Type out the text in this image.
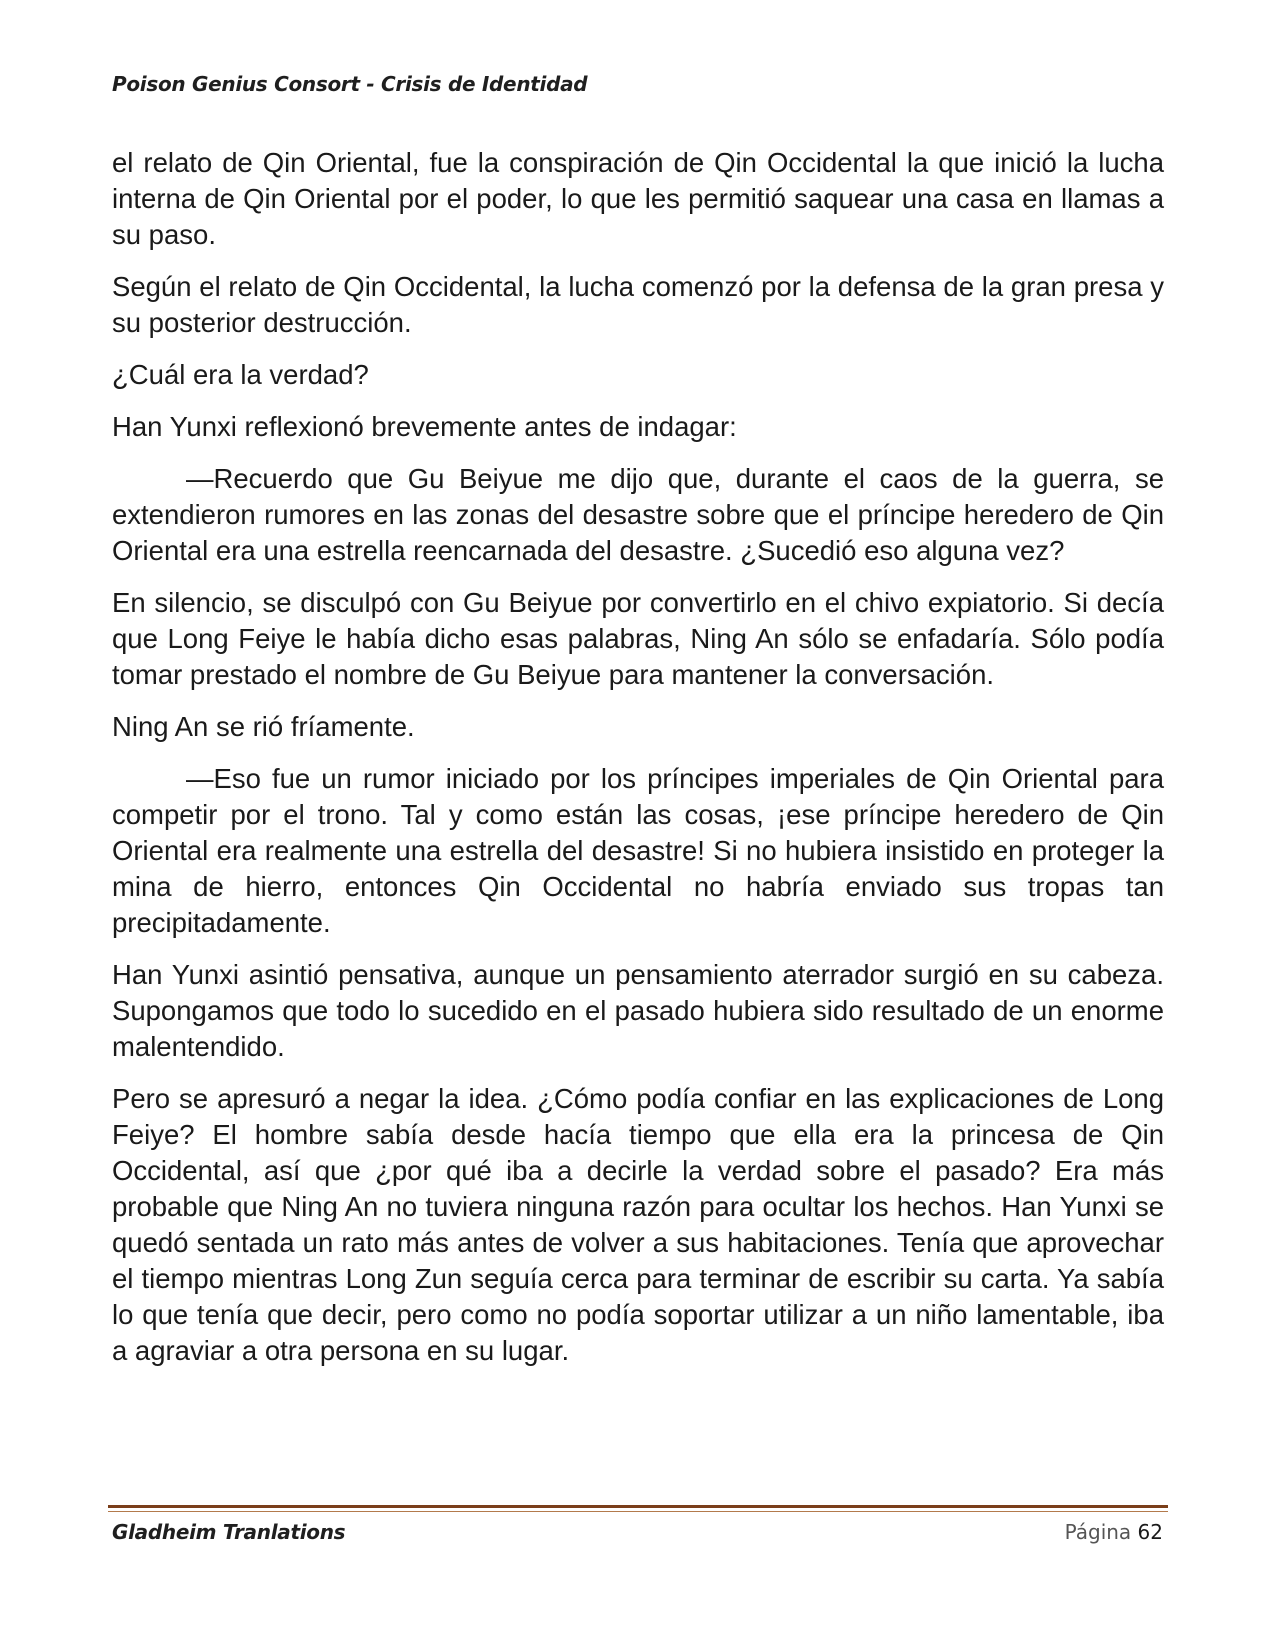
Poison Genius Consort - Crisis de Identidad

el relato de Qin Oriental, fue la conspiración de Qin Occidental la que inició la lucha interna de Qin Oriental por el poder, lo que les permitió saquear una casa en llamas a su paso.

Según el relato de Qin Occidental, la lucha comenzó por la defensa de la gran presa y su posterior destrucción.

¿Cuál era la verdad?

Han Yunxi reflexionó brevemente antes de indagar:

—Recuerdo que Gu Beiyue me dijo que, durante el caos de la guerra, se extendieron rumores en las zonas del desastre sobre que el príncipe heredero de Qin Oriental era una estrella reencarnada del desastre. ¿Sucedió eso alguna vez?

En silencio, se disculpó con Gu Beiyue por convertirlo en el chivo expiatorio. Si decía que Long Feiye le había dicho esas palabras, Ning An sólo se enfadaría. Sólo podía tomar prestado el nombre de Gu Beiyue para mantener la conversación.

Ning An se rió fríamente.

—Eso fue un rumor iniciado por los príncipes imperiales de Qin Oriental para competir por el trono. Tal y como están las cosas, ¡ese príncipe heredero de Qin Oriental era realmente una estrella del desastre! Si no hubiera insistido en proteger la mina de hierro, entonces Qin Occidental no habría enviado sus tropas tan precipitadamente.

Han Yunxi asintió pensativa, aunque un pensamiento aterrador surgió en su cabeza. Supongamos que todo lo sucedido en el pasado hubiera sido resultado de un enorme malentendido.

Pero se apresuró a negar la idea. ¿Cómo podía confiar en las explicaciones de Long Feiye? El hombre sabía desde hacía tiempo que ella era la princesa de Qin Occidental, así que ¿por qué iba a decirle la verdad sobre el pasado? Era más probable que Ning An no tuviera ninguna razón para ocultar los hechos. Han Yunxi se quedó sentada un rato más antes de volver a sus habitaciones. Tenía que aprovechar el tiempo mientras Long Zun seguía cerca para terminar de escribir su carta. Ya sabía lo que tenía que decir, pero como no podía soportar utilizar a un niño lamentable, iba a agraviar a otra persona en su lugar.

Gladheim Tranlations	Página 62
